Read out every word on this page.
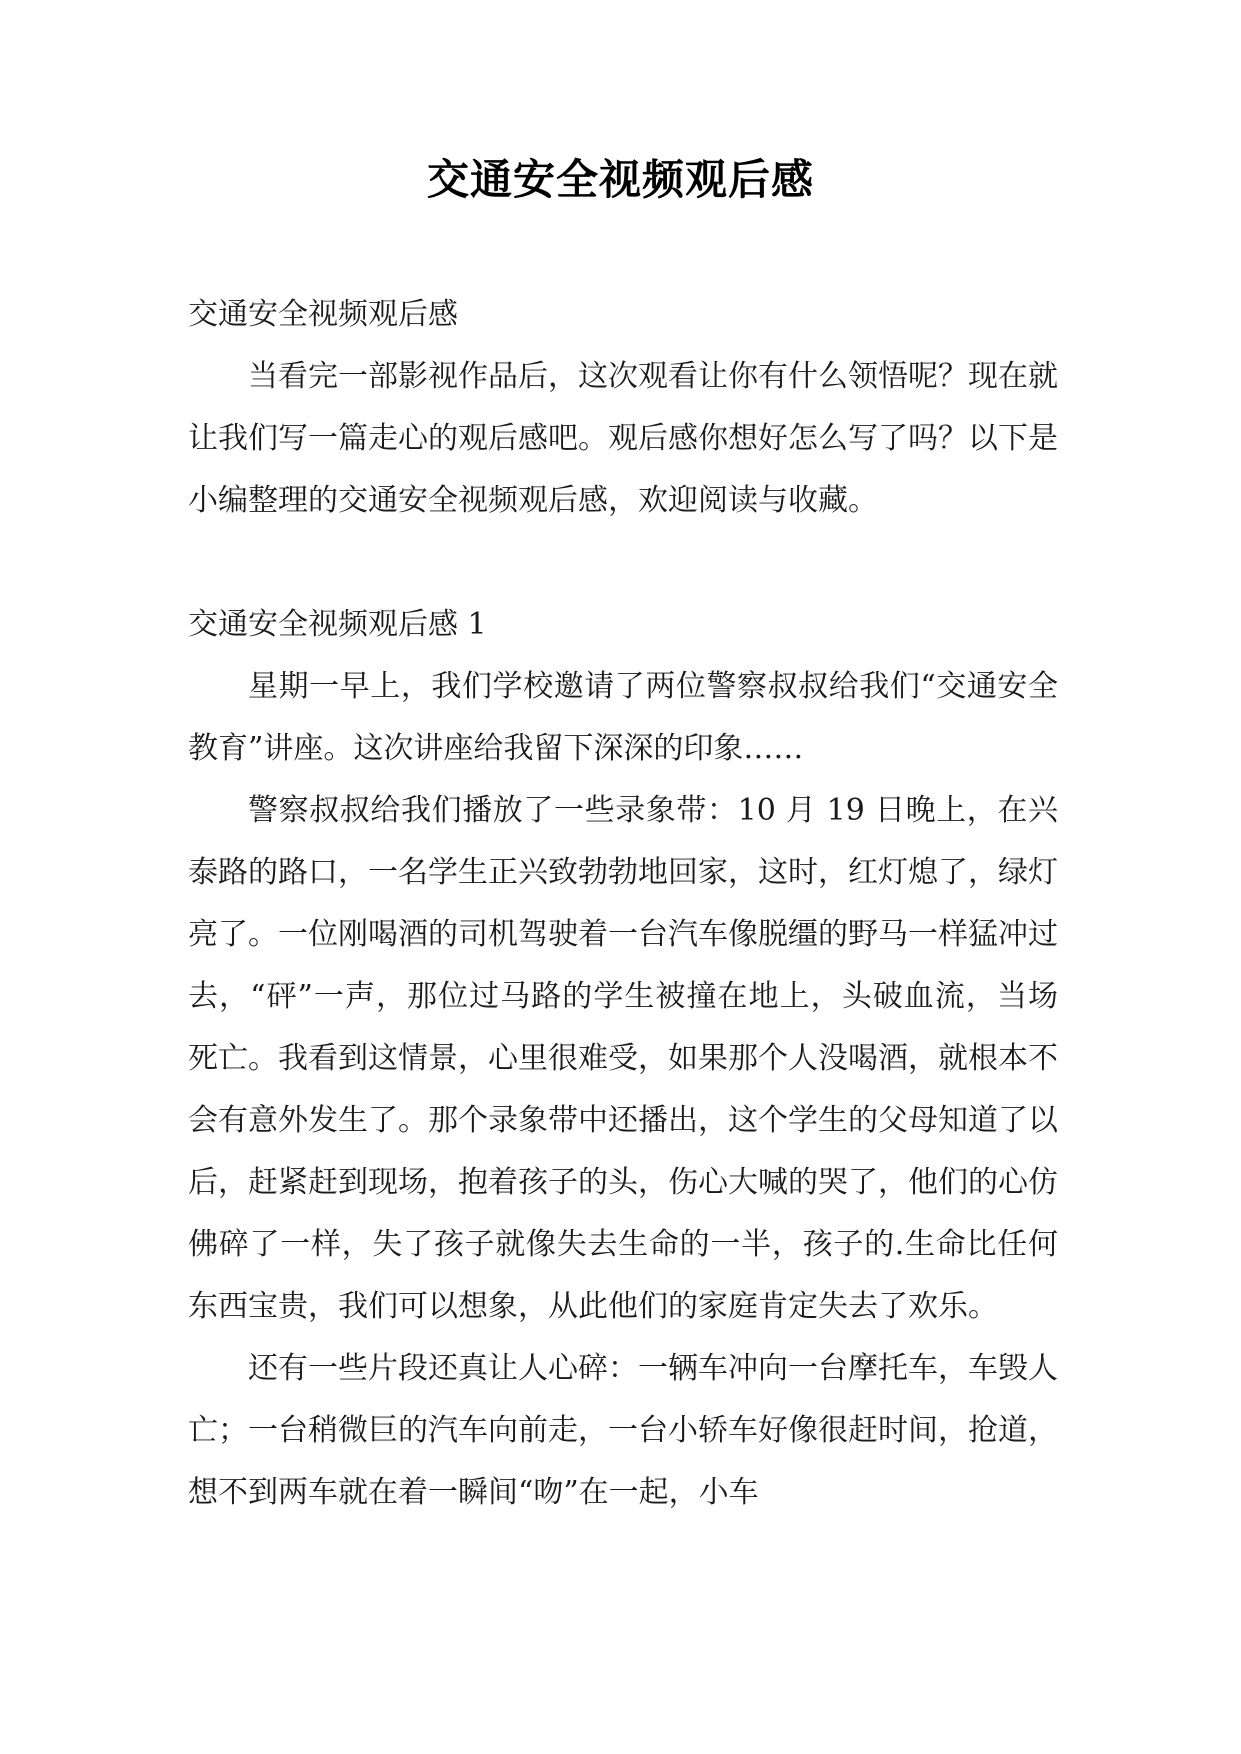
交通安全视频观后感

交通安全视频观后感

当看完一部影视作品后，这次观看让你有什么领悟呢？现在就让我们写一篇走心的观后感吧。观后感你想好怎么写了吗？以下是小编整理的交通安全视频观后感，欢迎阅读与收藏。

交通安全视频观后感 1

星期一早上，我们学校邀请了两位警察叔叔给我们“交通安全教育”讲座。这次讲座给我留下深深的印象……

警察叔叔给我们播放了一些录象带：10 月 19 日晚上，在兴泰路的路口，一名学生正兴致勃勃地回家，这时，红灯熄了，绿灯亮了。一位刚喝酒的司机驾驶着一台汽车像脱缰的野马一样猛冲过去，“砰”一声，那位过马路的学生被撞在地上，头破血流，当场死亡。我看到这情景，心里很难受，如果那个人没喝酒，就根本不会有意外发生了。那个录象带中还播出，这个学生的父母知道了以后，赶紧赶到现场，抱着孩子的头，伤心大喊的哭了，他们的心仿佛碎了一样，失了孩子就像失去生命的一半，孩子的.生命比任何东西宝贵，我们可以想象，从此他们的家庭肯定失去了欢乐。

还有一些片段还真让人心碎：一辆车冲向一台摩托车，车毁人亡；一台稍微巨的汽车向前走，一台小轿车好像很赶时间，抢道，想不到两车就在着一瞬间“吻”在一起，小车
